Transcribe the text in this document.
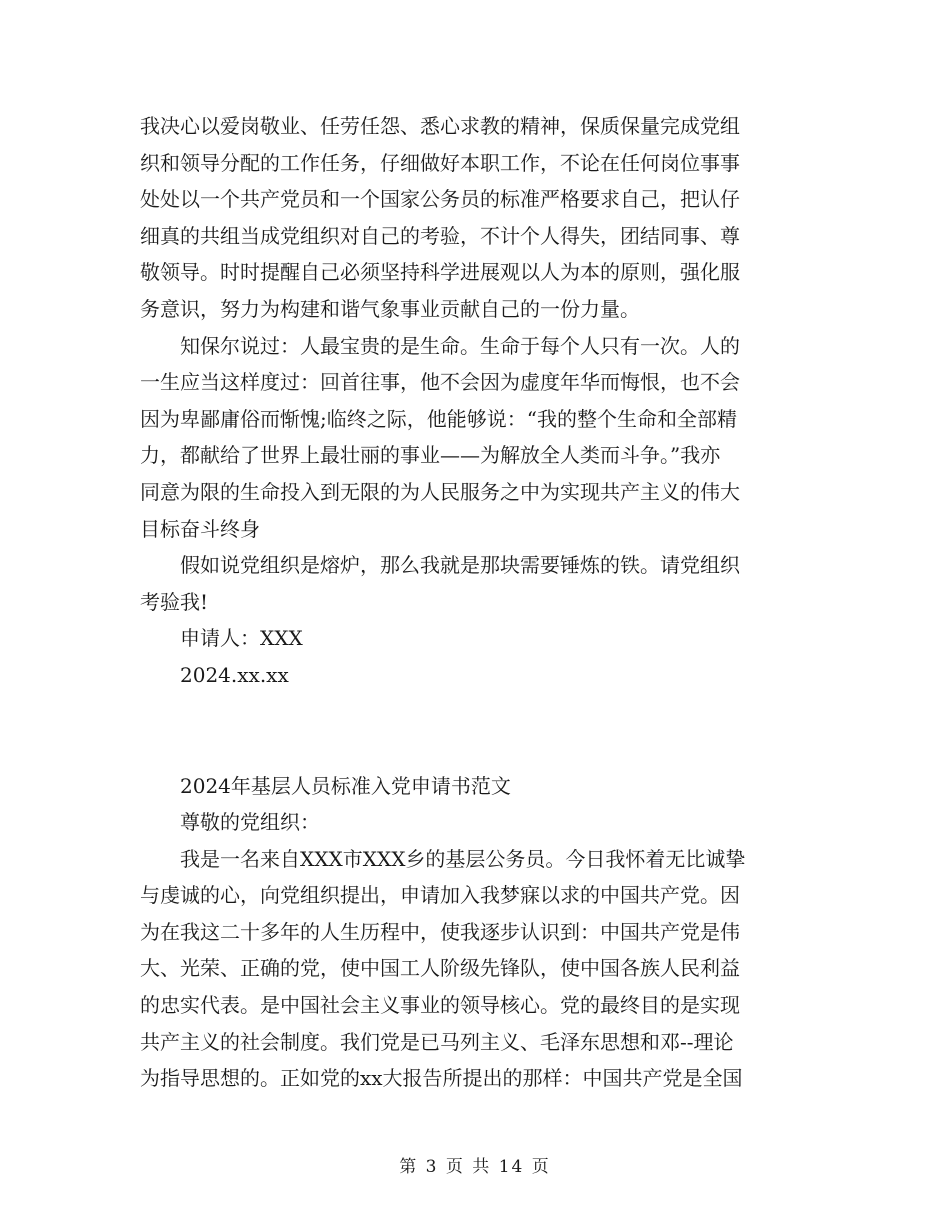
我决心以爱岗敬业、任劳任怨、悉心求教的精神，保质保量完成党组
织和领导分配的工作任务，仔细做好本职工作，不论在任何岗位事事
处处以一个共产党员和一个国家公务员的标准严格要求自己，把认仔
细真的共组当成党组织对自己的考验，不计个人得失，团结同事、尊
敬领导。时时提醒自己必须坚持科学进展观以人为本的原则，强化服
务意识，努力为构建和谐气象事业贡献自己的一份力量。
　　知保尔说过：人最宝贵的是生命。生命于每个人只有一次。人的
一生应当这样度过：回首往事，他不会因为虚度年华而悔恨，也不会
因为卑鄙庸俗而惭愧;临终之际，他能够说：“我的整个生命和全部精
力，都献给了世界上最壮丽的事业——为解放全人类而斗争。”我亦
同意为限的生命投入到无限的为人民服务之中为实现共产主义的伟大
目标奋斗终身
　　假如说党组织是熔炉，那么我就是那块需要锤炼的铁。请党组织
考验我!
　　申请人：XXX
　　2024.xx.xx
　　2024年基层人员标准入党申请书范文
　　尊敬的党组织：
　　我是一名来自XXX市XXX乡的基层公务员。今日我怀着无比诚挚
与虔诚的心，向党组织提出，申请加入我梦寐以求的中国共产党。因
为在我这二十多年的人生历程中，使我逐步认识到：中国共产党是伟
大、光荣、正确的党，使中国工人阶级先锋队，使中国各族人民利益
的忠实代表。是中国社会主义事业的领导核心。党的最终目的是实现
共产主义的社会制度。我们党是已马列主义、毛泽东思想和邓--理论
为指导思想的。正如党的xx大报告所提出的那样：中国共产党是全国
第 3 页 共 14 页
